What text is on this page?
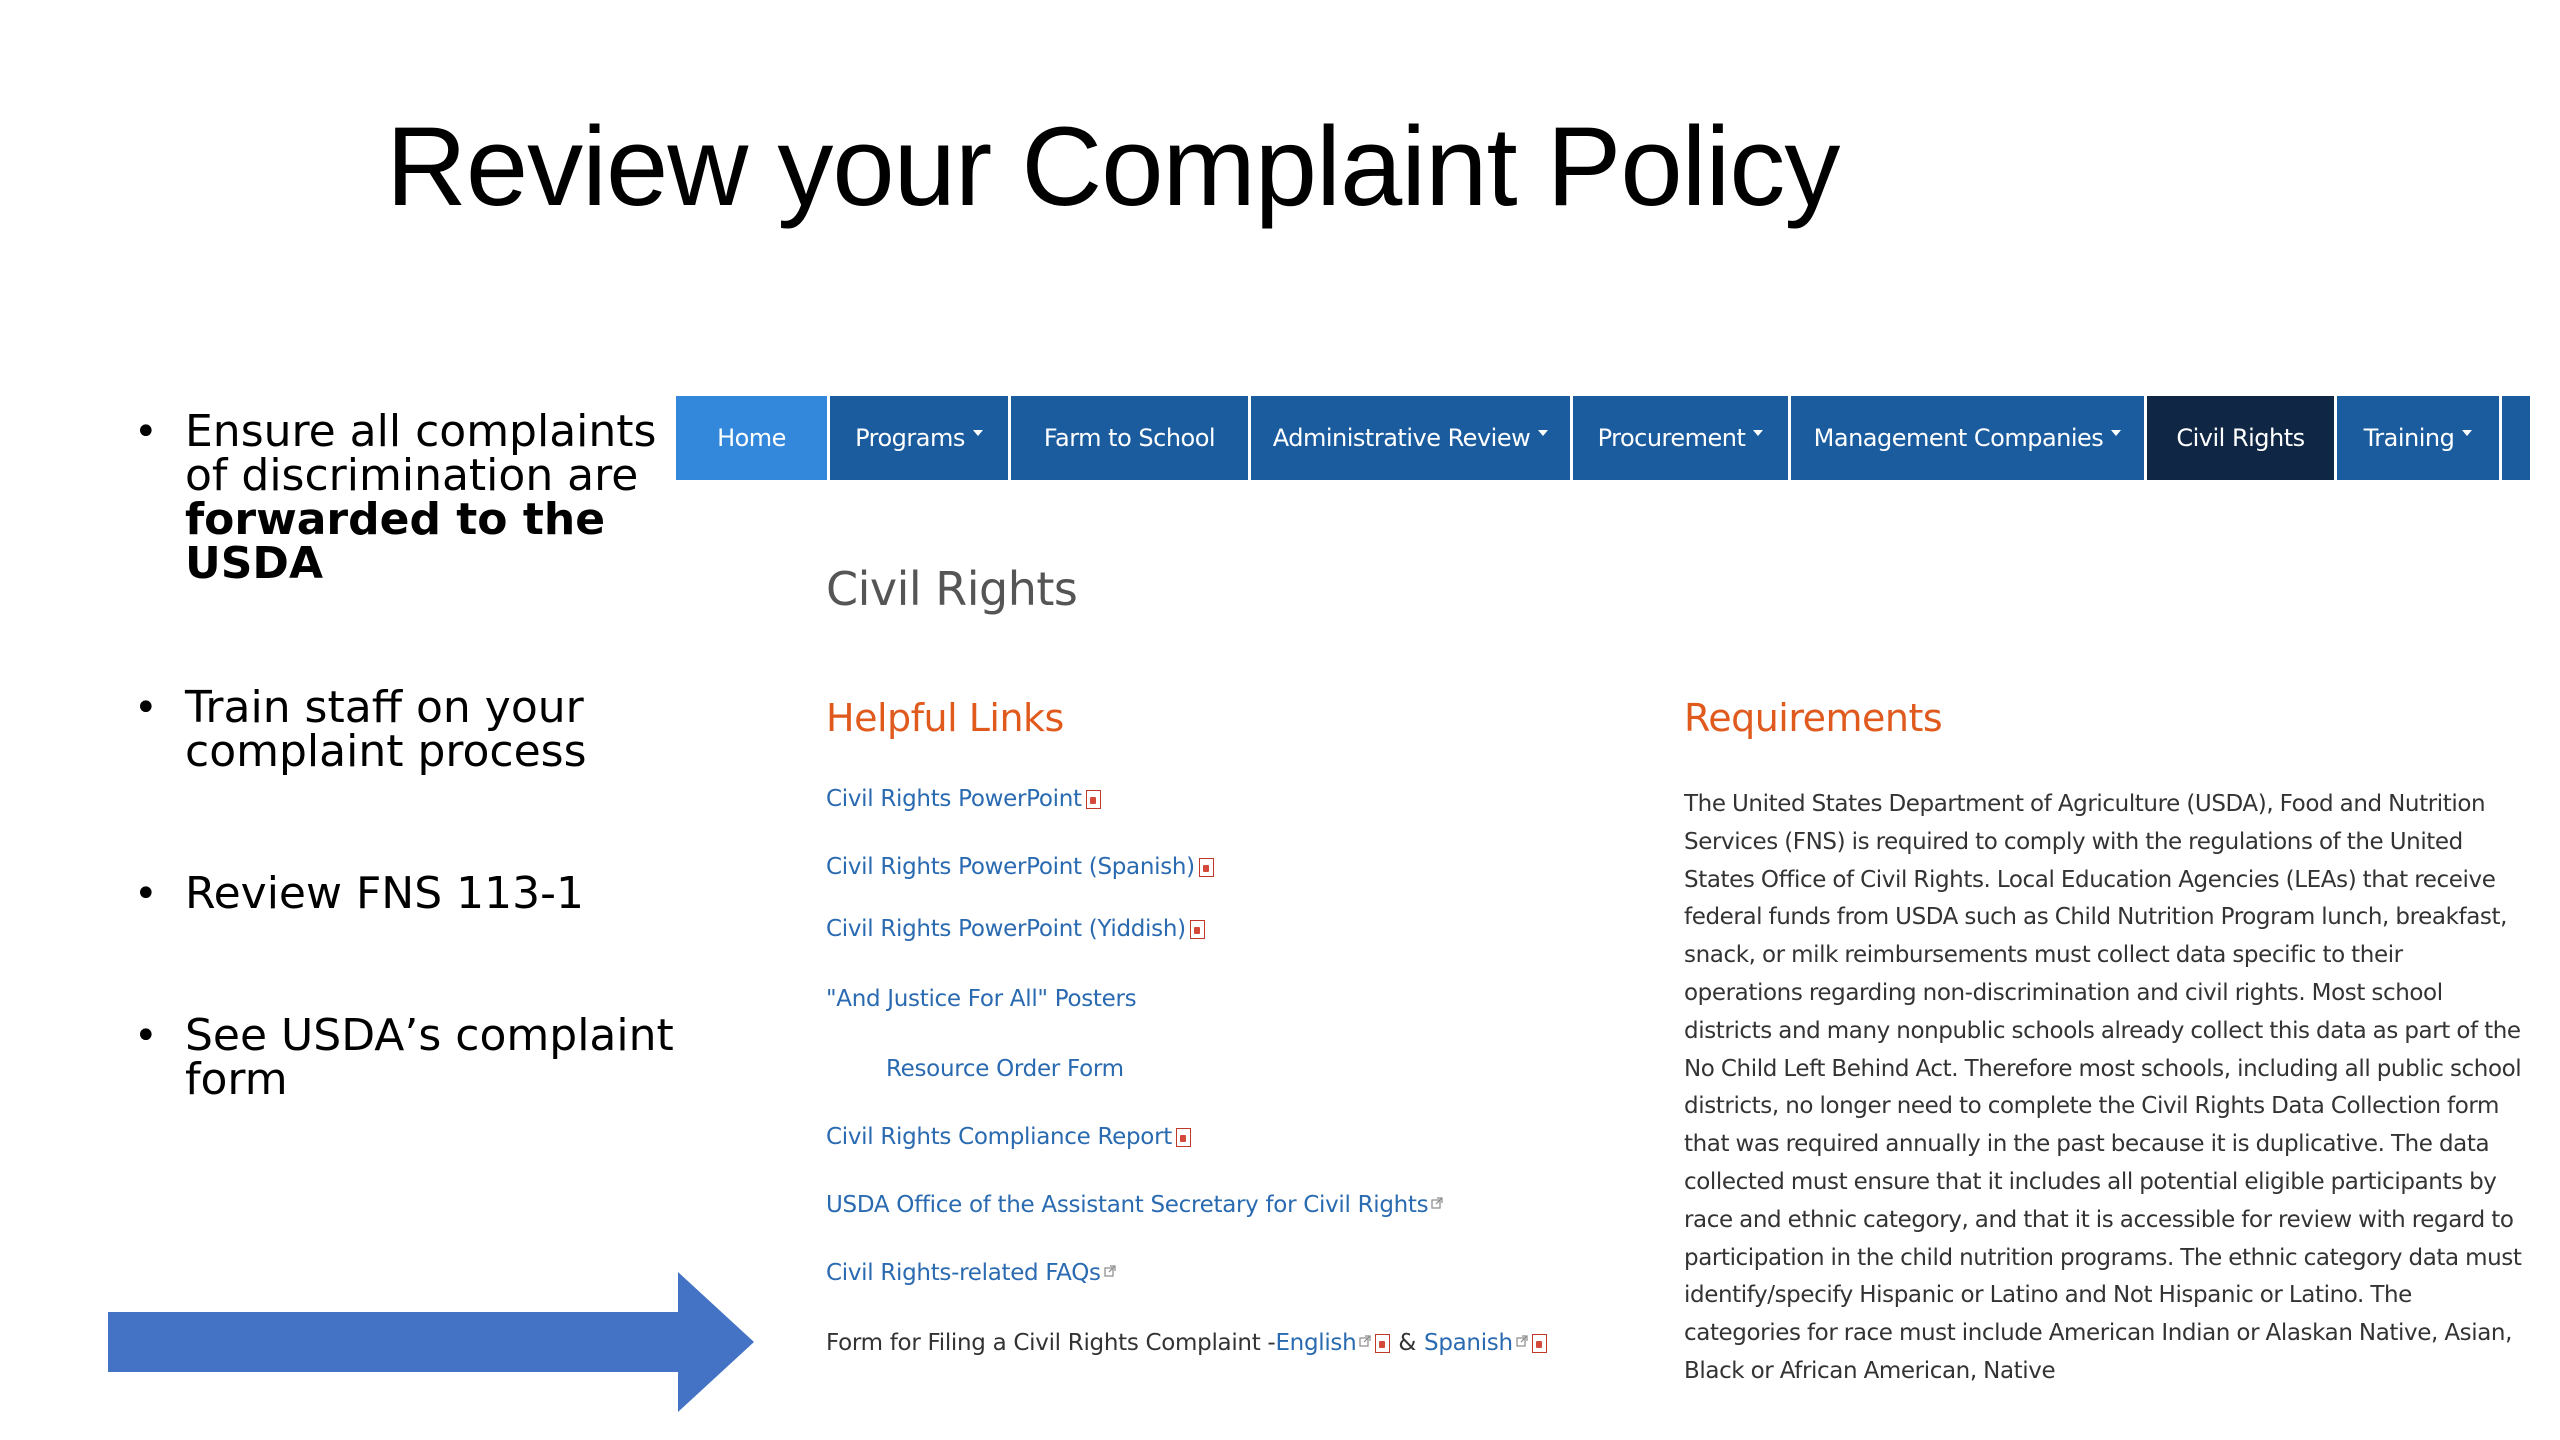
Review your Complaint Policy
• Ensure all complaints of discrimination are forwarded to the USDA
• Train staff on your complaint process
• Review FNS 113-1
• See USDA’s complaint form
Home	Programs	Farm to School Administrative Review	Procurement	Management Companies	Civil Rights Training
Civil Rights
Helpful Links
Civil Rights PowerPoint
Civil Rights PowerPoint (Spanish)
Civil Rights PowerPoint (Yiddish)
"And Justice For All" Posters
Resource Order Form
Civil Rights Compliance Report
USDA Office of the Assistant Secretary for Civil Rights
Civil Rights-related FAQs
Form for Filing a Civil Rights Complaint - English & Spanish
Requirements

The United States Department of Agriculture (USDA), Food and Nutrition Services (FNS) is required to comply with the regulations of the United States Office of Civil Rights. Local Education Agencies (LEAs) that receive federal funds from USDA such as Child Nutrition Program lunch, breakfast, snack, or milk reimbursements must collect data specific to their operations regarding non-discrimination and civil rights. Most school districts and many nonpublic schools already collect this data as part of the No Child Left Behind Act. Therefore most schools, including all public school districts, no longer need to complete the Civil Rights Data Collection form that was required annually in the past because it is duplicative. The data collected must ensure that it includes all potential eligible participants by race and ethnic category, and that it is accessible for review with regard to participation in the child nutrition programs. The ethnic category data must identify/specify Hispanic or Latino and Not Hispanic or Latino. The categories for race must include American Indian or Alaskan Native, Asian, Black or African American, Native
